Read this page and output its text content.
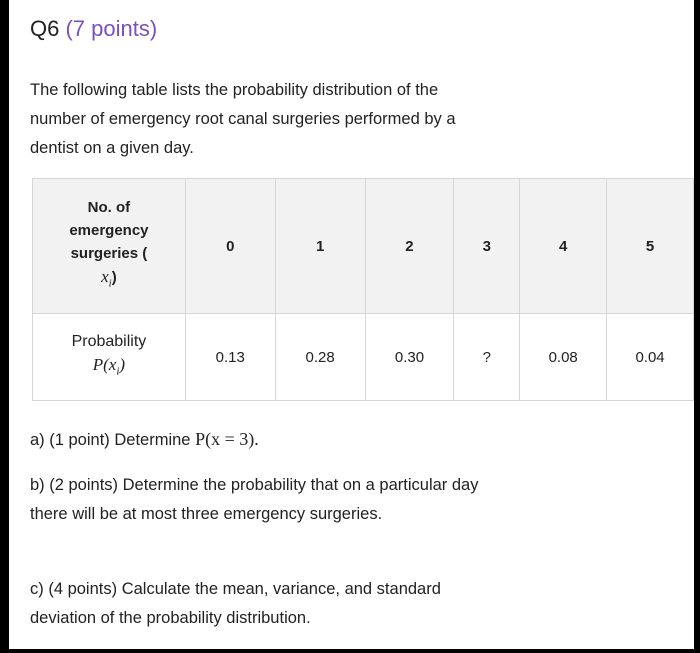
Q6 (7 points)
The following table lists the probability distribution of the number of emergency root canal surgeries performed by a dentist on a given day.
No. of
emergency
surgeries (
$x_i$)	0	1	2	3	4	5

Probability
$P(x_i)$	0.13	0.28	0.30	?	0.08	0.04
a) (1 point) Determine P(x = 3).
b) (2 points) Determine the probability that on a particular day there will be at most three emergency surgeries.
c) (4 points) Calculate the mean, variance, and standard deviation of the probability distribution.
